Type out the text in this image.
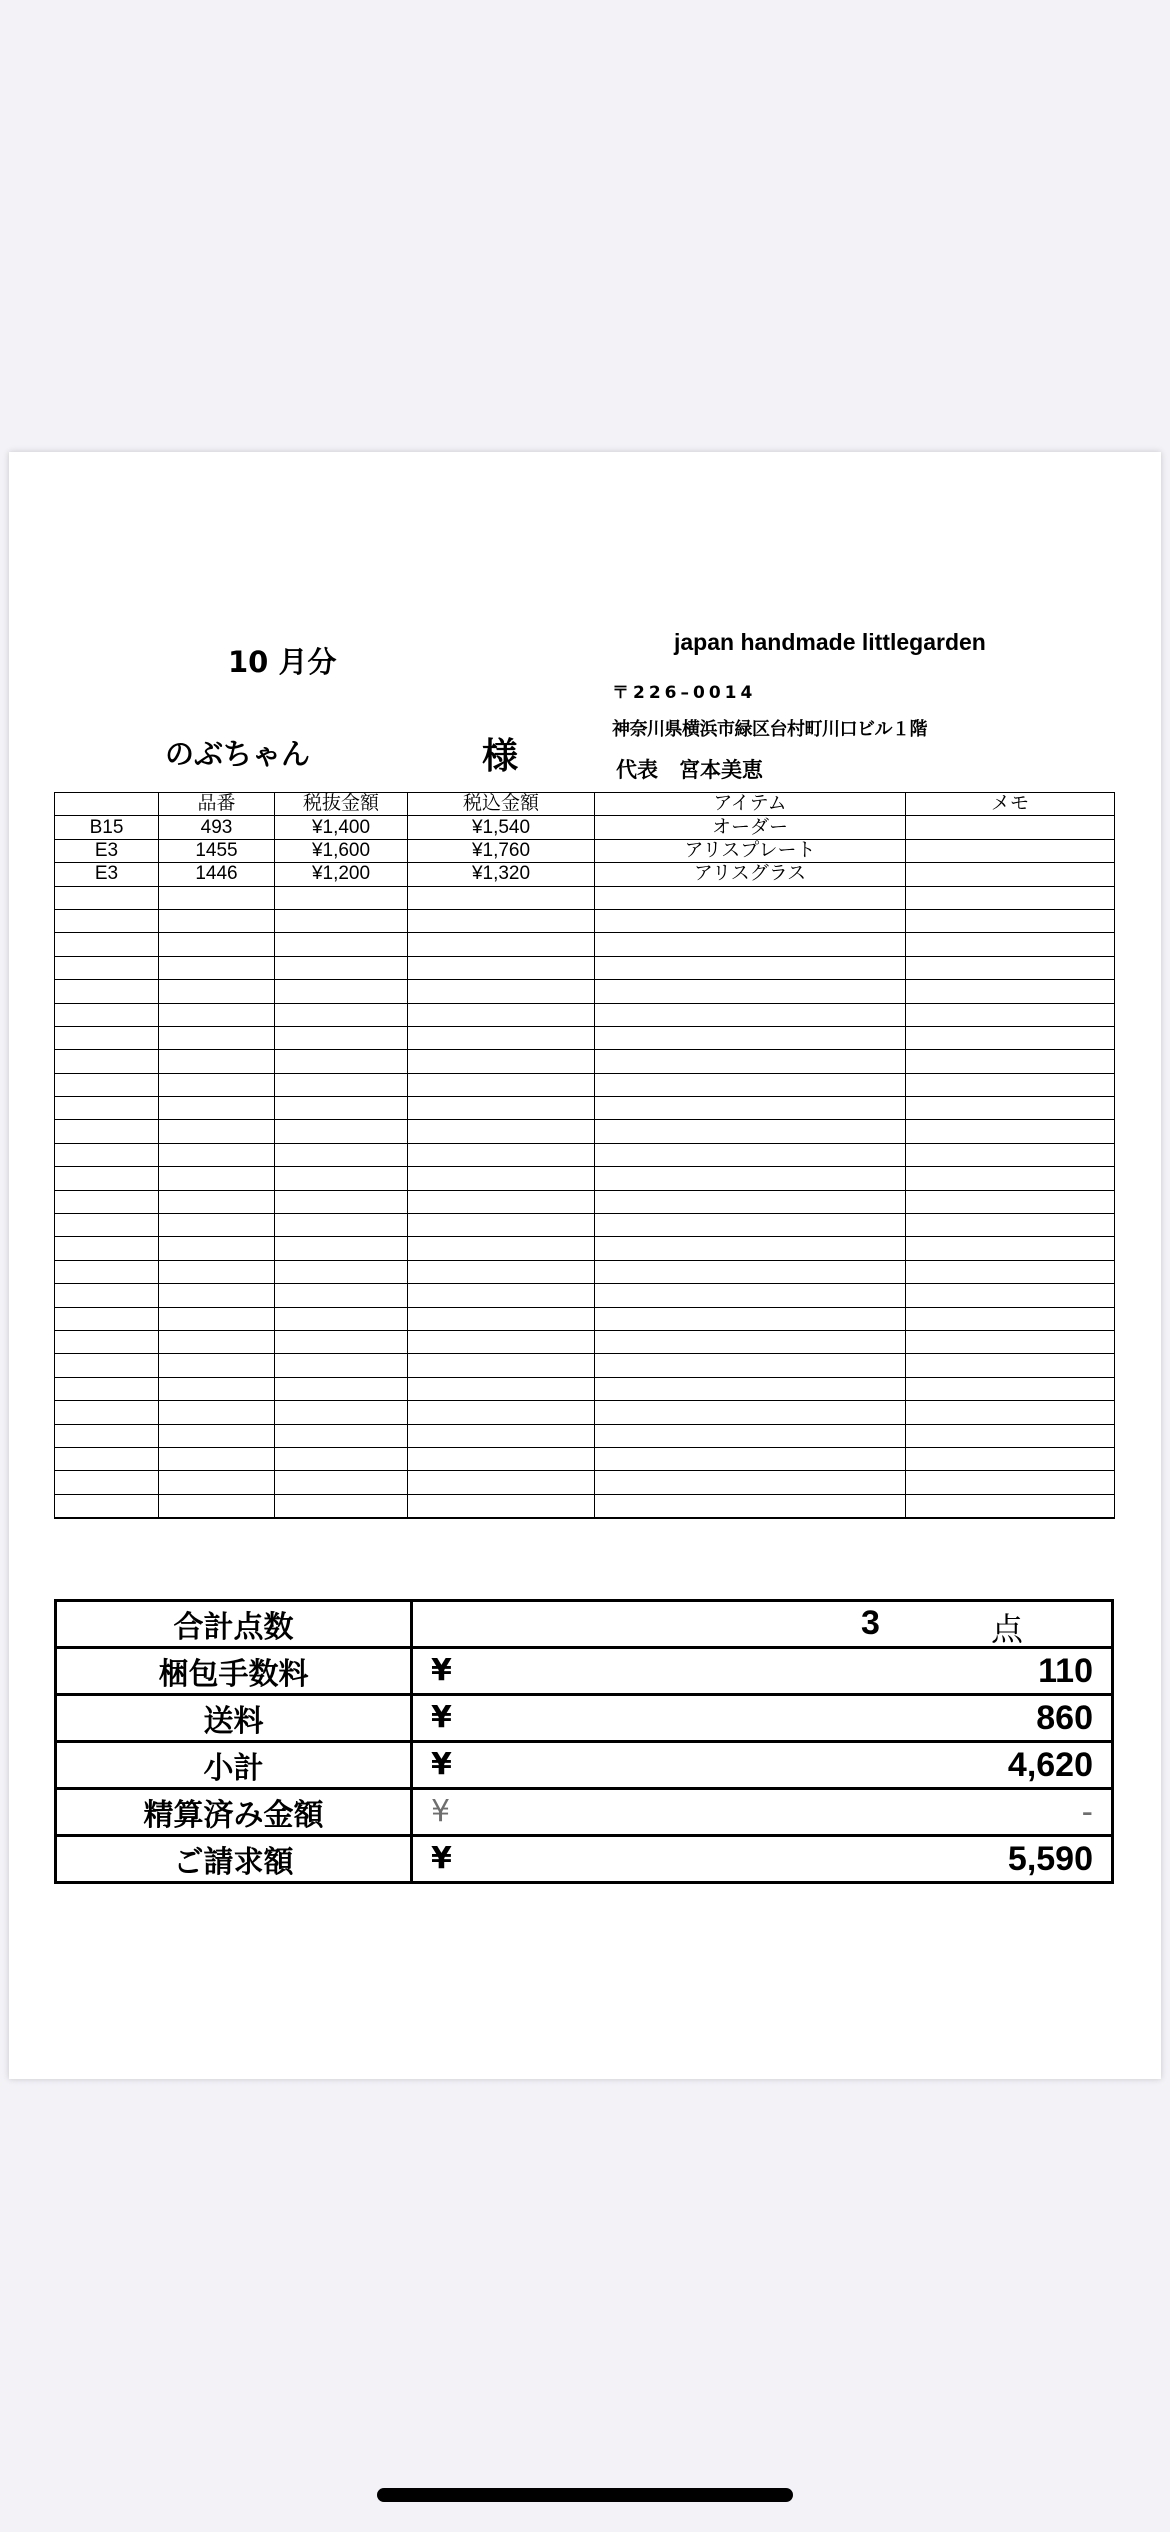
10 月分
のぶちゃん	様
japan handmade littlegarden
〒226–0014
神奈川県横浜市緑区台村町川口ビル１階
代表　宮本美恵
	品番	税抜金額	税込金額	アイテム	メモ
B15	493	¥1,400	¥1,540	オーダー	
E3	1455	¥1,600	¥1,760	アリスプレート	
E3	1446	¥1,200	¥1,320	アリスグラス	

合計点数	3 点

梱包手数料	¥ 110

送料	¥ 860

小計	¥ 4,620

精算済み金額	¥ -

ご請求額	¥ 5,590
